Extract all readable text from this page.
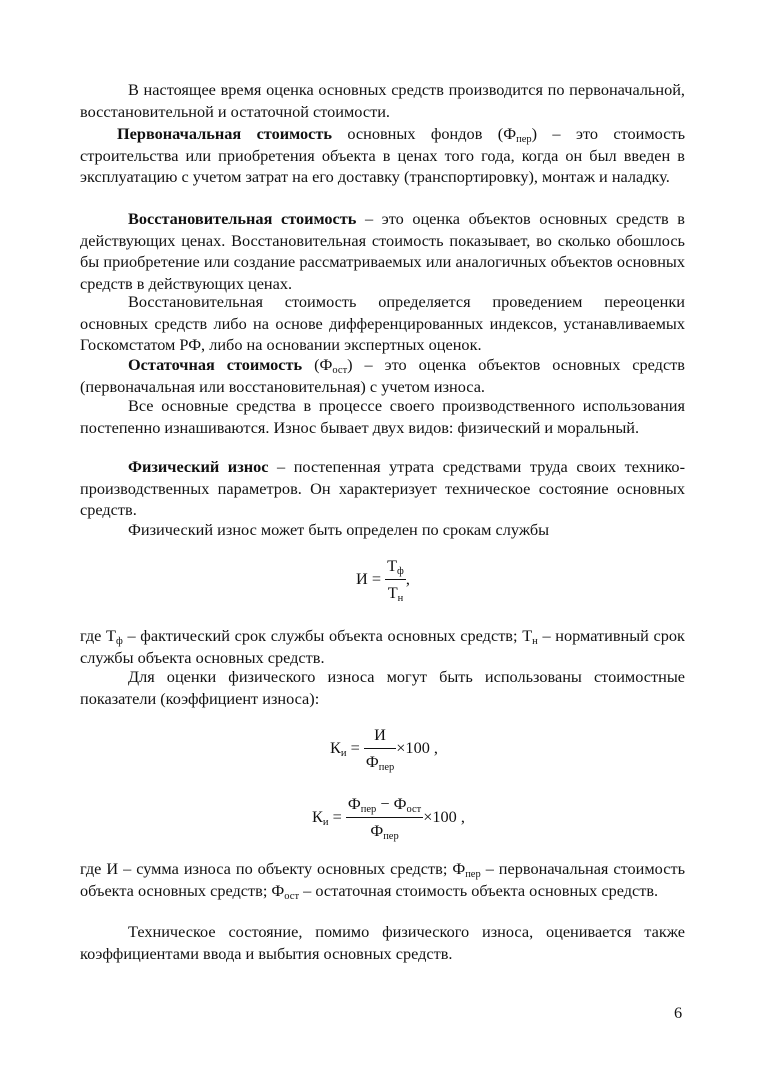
В настоящее время оценка основных средств производится по первоначальной, восстановительной и остаточной стоимости.

Первоначальная стоимость основных фондов $(Ф_{пер})$ – это стоимость строительства или приобретения объекта в ценах того года, когда он был введен в эксплуатацию с учетом затрат на его доставку (транспортировку), монтаж и наладку.

Восстановительная стоимость – это оценка объектов основных средств в действующих ценах. Восстановительная стоимость показывает, во сколько обошлось бы приобретение или создание рассматриваемых или аналогичных объектов основных средств в действующих ценах.

Восстановительная стоимость определяется проведением переоценки основных средств либо на основе дифференцированных индексов, устанавливаемых Госкомстатом РФ, либо на основании экспертных оценок.

Остаточная стоимость $(Ф_{ост})$ – это оценка объектов основных средств (первоначальная или восстановительная) с учетом износа.

Все основные средства в процессе своего производственного использования постепенно изнашиваются. Износ бывает двух видов: физический и моральный.

Физический износ – постепенная утрата средствами труда своих технико-производственных параметров. Он характеризует техническое состояние основных средств.

Физический износ может быть определен по срокам службы

$И = \frac{Т_ф}{Т_н}$ ,

где $Т_ф$ – фактический срок службы объекта основных средств; $Т_н$ – нормативный срок службы объекта основных средств.

Для оценки физического износа могут быть использованы стоимостные показатели (коэффициент износа):

$К_и = \frac{И}{Ф_{пер}} \times 100$ ,
$К_и = \frac{Ф_{пер} - Ф_{ост}}{Ф_{пер}} \times 100$ ,

где И – сумма износа по объекту основных средств; $Ф_{пер}$ – первоначальная стоимость объекта основных средств; $Ф_{ост}$ – остаточная стоимость объекта основных средств.

Техническое состояние, помимо физического износа, оценивается также коэффициентами ввода и выбытия основных средств.

6
